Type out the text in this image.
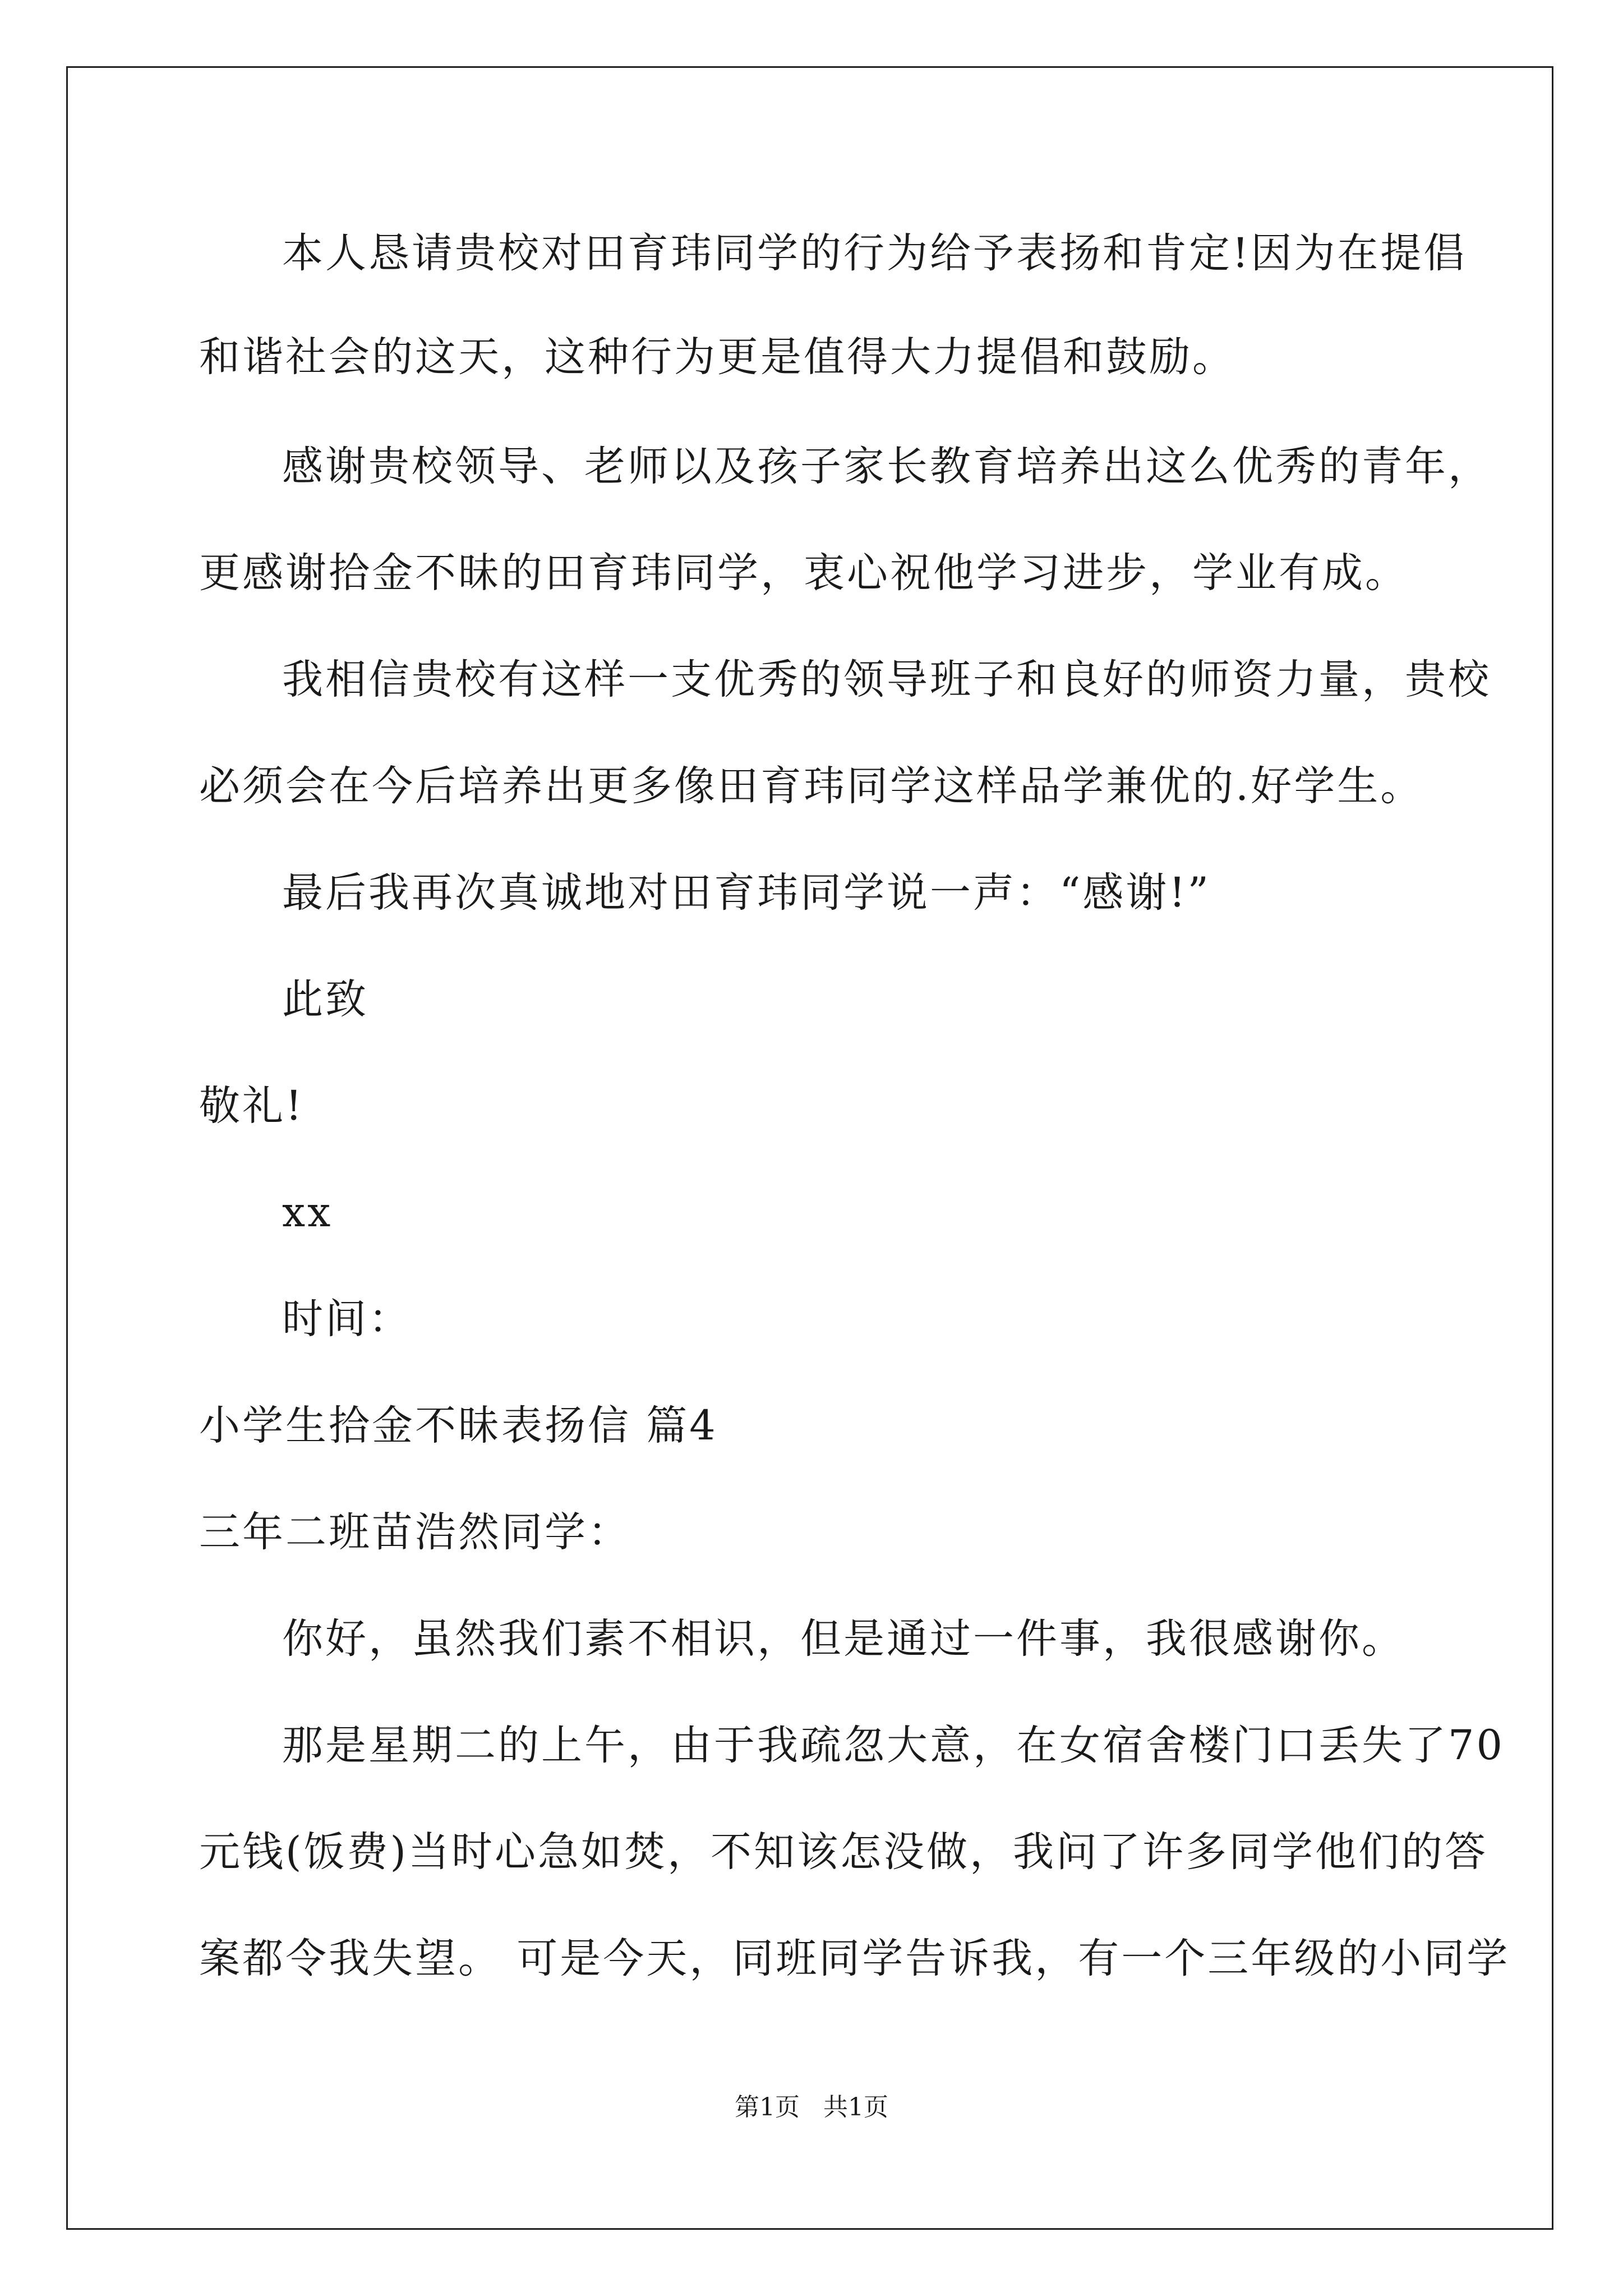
本人恳请贵校对田育玮同学的行为给予表扬和肯定!因为在提倡
和谐社会的这天，这种行为更是值得大力提倡和鼓励。
感谢贵校领导、老师以及孩子家长教育培养出这么优秀的青年，
更感谢拾金不昧的田育玮同学，衷心祝他学习进步，学业有成。
我相信贵校有这样一支优秀的领导班子和良好的师资力量，贵校
必须会在今后培养出更多像田育玮同学这样品学兼优的.好学生。
最后我再次真诚地对田育玮同学说一声：“感谢!”
此致
敬礼!
xx
时间：
小学生拾金不昧表扬信 篇4
三年二班苗浩然同学：
你好，虽然我们素不相识，但是通过一件事，我很感谢你。
那是星期二的上午，由于我疏忽大意，在女宿舍楼门口丢失了70
元钱(饭费)当时心急如焚，不知该怎没做，我问了许多同学他们的答
案都令我失望。 可是今天，同班同学告诉我，有一个三年级的小同学
第1页   共1页
